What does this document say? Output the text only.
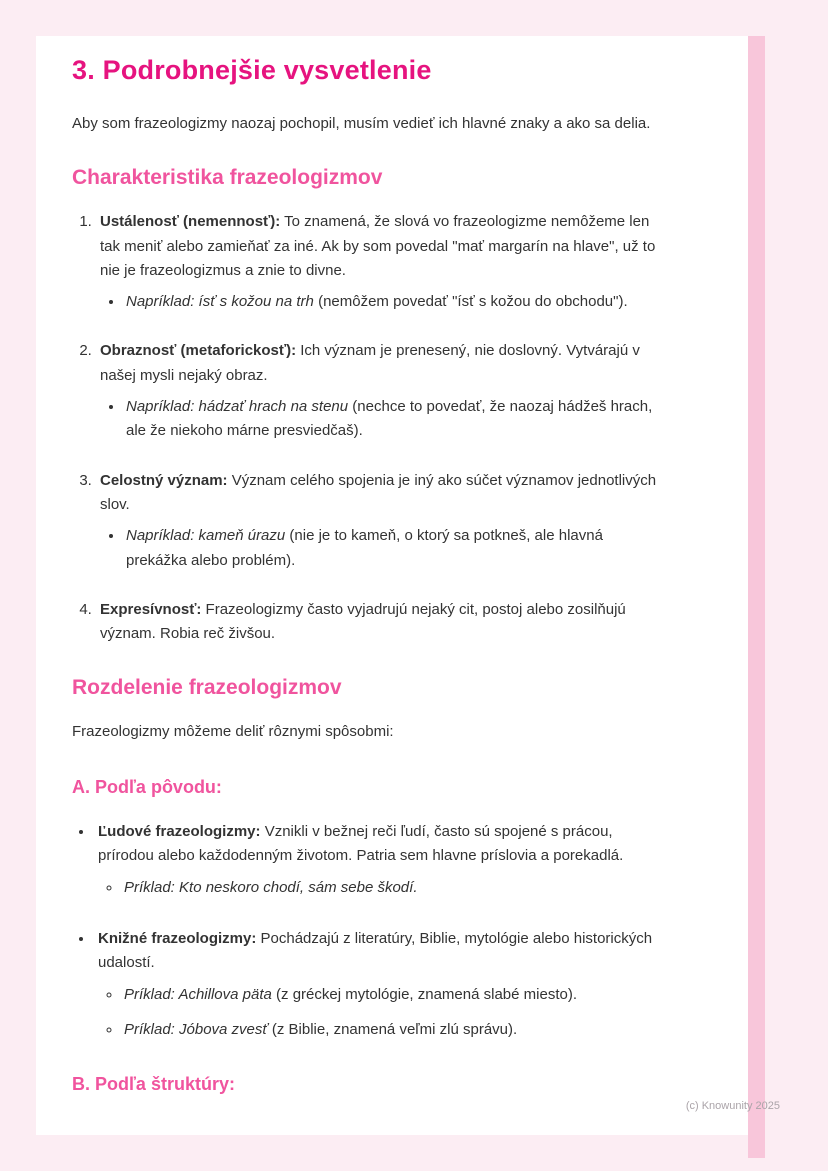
3. Podrobnejšie vysvetlenie

Aby som frazeologizmy naozaj pochopil, musím vedieť ich hlavné znaky a ako sa delia.

Charakteristika frazeologizmov

1. Ustálenosť (nemennosť): To znamená, že slová vo frazeologizme nemôžeme len tak meniť alebo zamieňať za iné. Ak by som povedal "mať margarín na hlave", už to nie je frazeologizmus a znie to divne.

• Napríklad: ísť s kožou na trh (nemôžem povedať "ísť s kožou do obchodu").

2. Obraznosť (metaforickosť): Ich význam je prenesený, nie doslovný. Vytvárajú v našej mysli nejaký obraz.

• Napríklad: hádzať hrach na stenu (nechce to povedať, že naozaj hádžeš hrach, ale že niekoho márne presviedčaš).

3. Celostný význam: Význam celého spojenia je iný ako súčet významov jednotlivých slov.

• Napríklad: kameň úrazu (nie je to kameň, o ktorý sa potkneš, ale hlavná prekážka alebo problém).

4. Expresívnosť: Frazeologizmy často vyjadrujú nejaký cit, postoj alebo zosilňujú význam. Robia reč živšou.

Rozdelenie frazeologizmov

Frazeologizmy môžeme deliť rôznymi spôsobmi:

A. Podľa pôvodu:

• Ľudové frazeologizmy: Vznikli v bežnej reči ľudí, často sú spojené s prácou, prírodou alebo každodenným životom. Patria sem hlavne príslovia a porekadlá.

◦ Príklad: Kto neskoro chodí, sám sebe škodí.

• Knižné frazeologizmy: Pochádzajú z literatúry, Biblie, mytológie alebo historických udalostí.

◦ Príklad: Achillova päta (z gréckej mytológie, znamená slabé miesto).
◦ Príklad: Jóbova zvesť (z Biblie, znamená veľmi zlú správu).
B. Podľa štruktúry:
(c) Knowunity 2025
